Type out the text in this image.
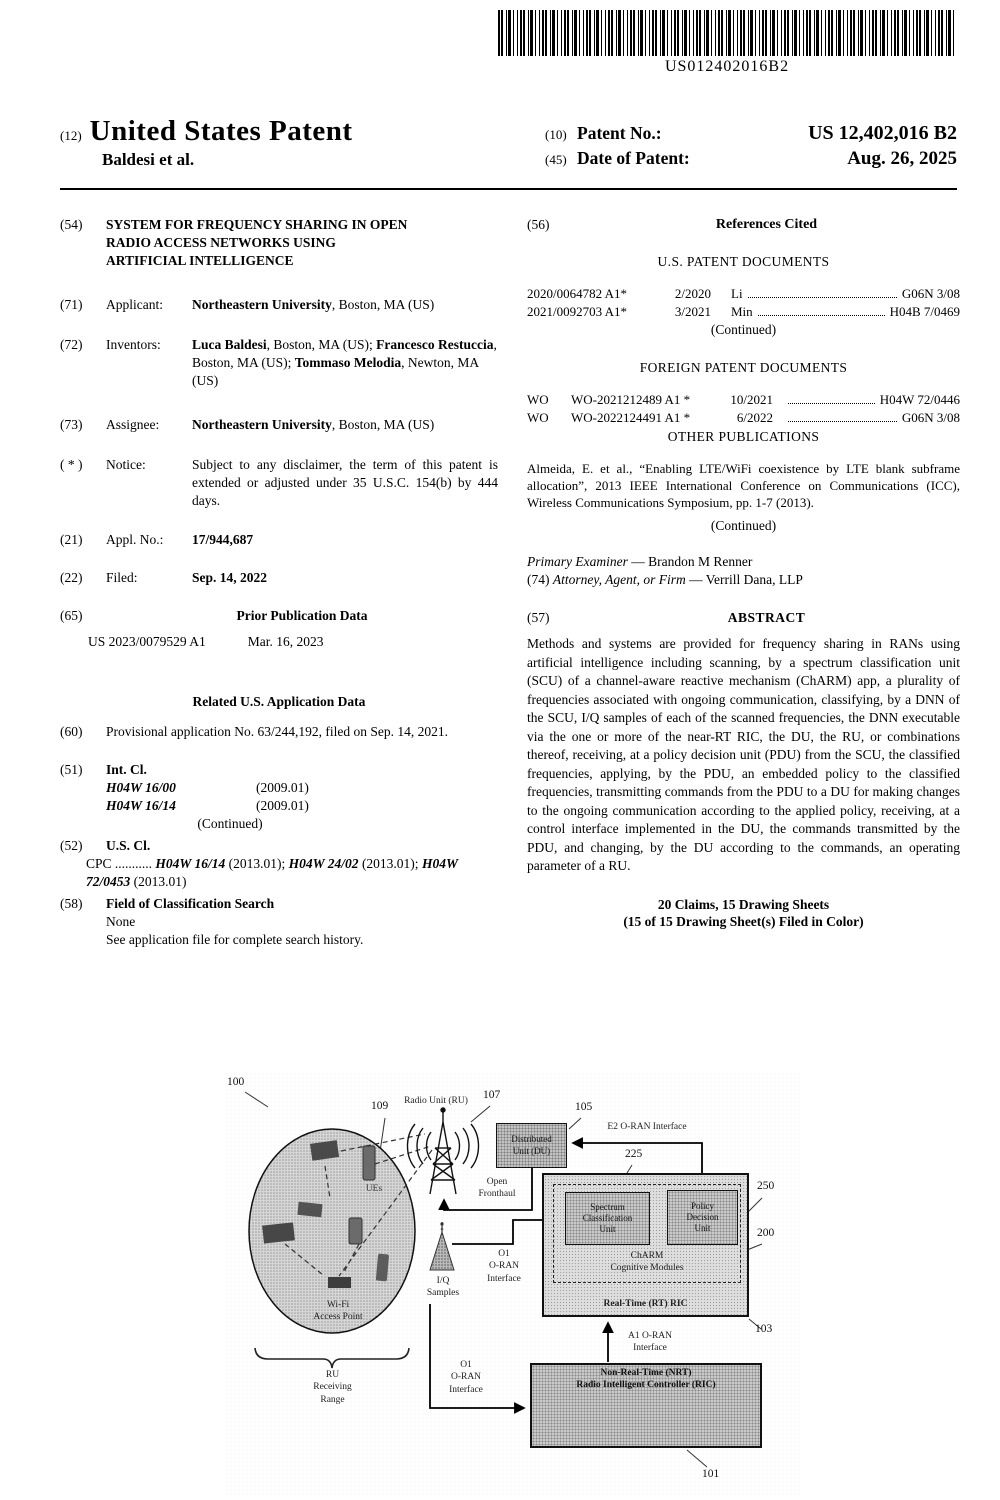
US012402016B2
(12) United States Patent
Baldesi et al.
(10) Patent No.:	US 12,402,016 B2
(45) Date of Patent:	Aug. 26, 2025
(54)	SYSTEM FOR FREQUENCY SHARING IN OPEN RADIO ACCESS NETWORKS USING ARTIFICIAL INTELLIGENCE
(71)	Applicant:	Northeastern University, Boston, MA (US)
(72)	Inventors:	Luca Baldesi, Boston, MA (US); Francesco Restuccia, Boston, MA (US); Tommaso Melodia, Newton, MA (US)
(73)	Assignee:	Northeastern University, Boston, MA (US)
( * )	Notice:	Subject to any disclaimer, the term of this patent is extended or adjusted under 35 U.S.C. 154(b) by 444 days.
(21)	Appl. No.:	17/944,687
(22)	Filed:	Sep. 14, 2022
(65)	Prior Publication Data
US 2023/0079529 A1	Mar. 16, 2023
Related U.S. Application Data
(60)	Provisional application No. 63/244,192, filed on Sep. 14, 2021.
(51)	Int. Cl.
H04W 16/00	(2009.01)
H04W 16/14	(2009.01)
(Continued)
(52)	U.S. Cl.
CPC ........... H04W 16/14 (2013.01); H04W 24/02 (2013.01); H04W 72/0453 (2013.01)
(58)	Field of Classification Search
None
See application file for complete search history.
(56)	References Cited
U.S. PATENT DOCUMENTS
2020/0064782 A1*	2/2020 Li	G06N 3/08
2021/0092703 A1*	3/2021 Min	H04B 7/0469
(Continued)
FOREIGN PATENT DOCUMENTS
WO	WO-2021212489 A1 *	10/2021	H04W 72/0446
WO	WO-2022124491 A1 *	6/2022	G06N 3/08
OTHER PUBLICATIONS
Almeida, E. et al., “Enabling LTE/WiFi coexistence by LTE blank subframe allocation”, 2013 IEEE International Conference on Communications (ICC), Wireless Communications Symposium, pp. 1-7 (2013).
(Continued)
Primary Examiner — Brandon M Renner
(74) Attorney, Agent, or Firm — Verrill Dana, LLP
(57)	ABSTRACT
Methods and systems are provided for frequency sharing in RANs using artificial intelligence including scanning, by a spectrum classification unit (SCU) of a channel-aware reactive mechanism (ChARM) app, a plurality of frequencies associated with ongoing communication, classifying, by a DNN of the SCU, I/Q samples of each of the scanned frequencies, the DNN executable via the one or more of the near-RT RIC, the DU, the RU, or combinations thereof, receiving, at a policy decision unit (PDU) from the SCU, the classified frequencies, applying, by the PDU, an embedded policy to the classified frequencies, transmitting commands from the PDU to a DU for making changes to the ongoing communication according to the applied policy, receiving, at a control interface implemented in the DU, the commands transmitted by the PDU, and changing, by the DU according to the commands, an operating parameter of a RU.
20 Claims, 15 Drawing Sheets
(15 of 15 Drawing Sheet(s) Filed in Color)
Distributed
Unit (DU)
Spectrum
Classification
Unit
Policy
Decision
Unit
ChARM
Cognitive Modules
Real-Time (RT) RIC
Non-Real-Time (NRT)
Radio Intelligent Controller (RIC)
100
109	Radio Unit (RU)	107
105
E2 O-RAN Interface
Open
Fronthaul
225
250
200
103
101
UEs
Wi-Fi
Access Point
I/Q
Samples
O1
O-RAN
Interface
O1
O-RAN
Interface
A1 O-RAN
Interface
RU
Receiving
Range
